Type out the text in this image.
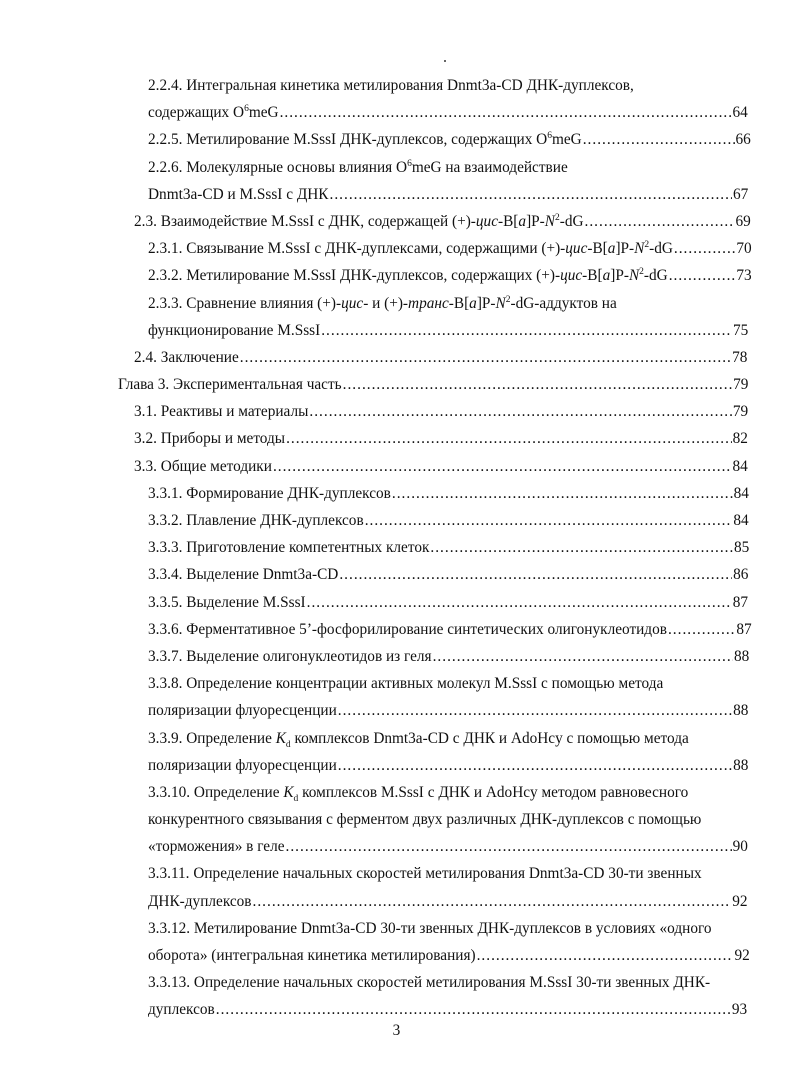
2.2.4. Интегральная кинетика метилирования Dnmt3a-CD ДНК-дуплексов,
содержащих $O^6meG$ .....	64
2.2.5. Метилирование M.SssI ДНК-дуплексов, содержащих $O^6meG$ .....	66
2.2.6. Молекулярные основы влияния $O^6meG$ на взаимодействие
Dnmt3a-CD и M.SssI с ДНК .....	67
2.3. Взаимодействие M.SssI с ДНК, содержащей $(+)-цис-B[a]P-N^2-dG$ .....	69
2.3.1. Связывание M.SssI с ДНК-дуплексами, содержащими $(+)-цис-B[a]P-N^2-dG$ .....	70
2.3.2. Метилирование M.SssI ДНК-дуплексов, содержащих $(+)-цис-B[a]P-N^2-dG$ .....	73
2.3.3. Сравнение влияния (+)-цис- и $(+)-транс-B[a]P-N^2-dG$-аддуктов на
функционирование M.SssI .....	75
2.4. Заключение .....	78
Глава 3. Экспериментальная часть .....	79
3.1. Реактивы и материалы .....	79
3.2. Приборы и методы .....	82
3.3. Общие методики .....	84
3.3.1. Формирование ДНК-дуплексов .....	84
3.3.2. Плавление ДНК-дуплексов .....	84
3.3.3. Приготовление компетентных клеток .....	85
3.3.4. Выделение Dnmt3a-CD .....	86
3.3.5. Выделение M.SssI .....	87
3.3.6. Ферментативное 5’-фосфорилирование синтетических олигонуклеотидов .....	87
3.3.7. Выделение олигонуклеотидов из геля .....	88
3.3.8. Определение концентрации активных молекул M.SssI с помощью метода
поляризации флуоресценции .....	88
3.3.9. Определение $K_d$ комплексов Dnmt3a-CD с ДНК и AdoHcy с помощью метода
поляризации флуоресценции .....	88
3.3.10. Определение $K_d$ комплексов M.SssI с ДНК и AdoHcy методом равновесного
конкурентного связывания с ферментом двух различных ДНК-дуплексов с помощью
«торможения» в геле .....	90
3.3.11. Определение начальных скоростей метилирования Dnmt3a-CD 30-ти звенных
ДНК-дуплексов .....	92
3.3.12. Метилирование Dnmt3a-CD 30-ти звенных ДНК-дуплексов в условиях «одного
оборота» (интегральная кинетика метилирования) .....	92
3.3.13. Определение начальных скоростей метилирования M.SssI 30-ти звенных ДНК-
дуплексов .....	93
3
